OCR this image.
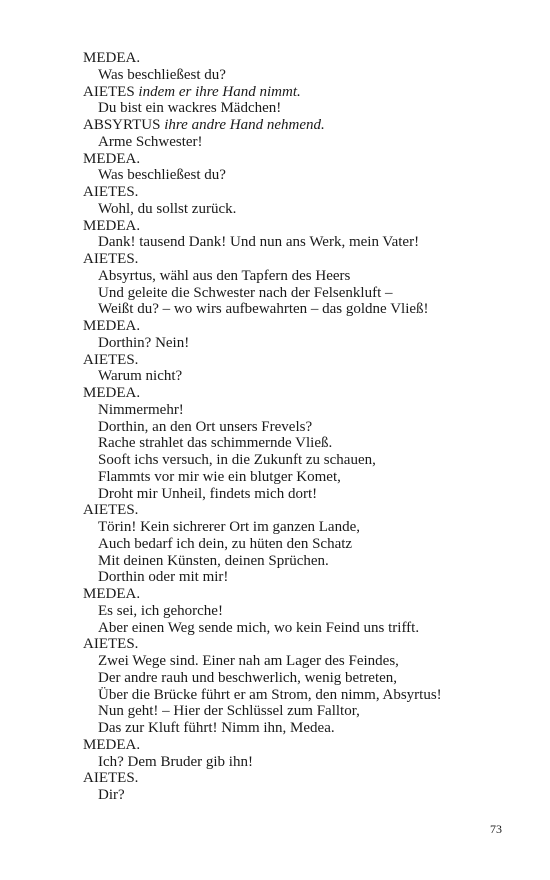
MEDEA.
Was beschließest du?
AIETES indem er ihre Hand nimmt.
Du bist ein wackres Mädchen!
ABSYRTUS ihre andre Hand nehmend.
Arme Schwester!
MEDEA.
Was beschließest du?
AIETES.
Wohl, du sollst zurück.
MEDEA.
Dank! tausend Dank! Und nun ans Werk, mein Vater!
AIETES.
Absyrtus, wähl aus den Tapfern des Heers
Und geleite die Schwester nach der Felsenkluft –
Weißt du? – wo wirs aufbewahrten – das goldne Vließ!
MEDEA.
Dorthin? Nein!
AIETES.
Warum nicht?
MEDEA.
Nimmermehr!
Dorthin, an den Ort unsers Frevels?
Rache strahlet das schimmernde Vließ.
Sooft ichs versuch, in die Zukunft zu schauen,
Flammts vor mir wie ein blutger Komet,
Droht mir Unheil, findets mich dort!
AIETES.
Törin! Kein sichrerer Ort im ganzen Lande,
Auch bedarf ich dein, zu hüten den Schatz
Mit deinen Künsten, deinen Sprüchen.
Dorthin oder mit mir!
MEDEA.
Es sei, ich gehorche!
Aber einen Weg sende mich, wo kein Feind uns trifft.
AIETES.
Zwei Wege sind. Einer nah am Lager des Feindes,
Der andre rauh und beschwerlich, wenig betreten,
Über die Brücke führt er am Strom, den nimm, Absyrtus!
Nun geht! – Hier der Schlüssel zum Falltor,
Das zur Kluft führt! Nimm ihn, Medea.
MEDEA.
Ich? Dem Bruder gib ihn!
AIETES.
Dir?
73
